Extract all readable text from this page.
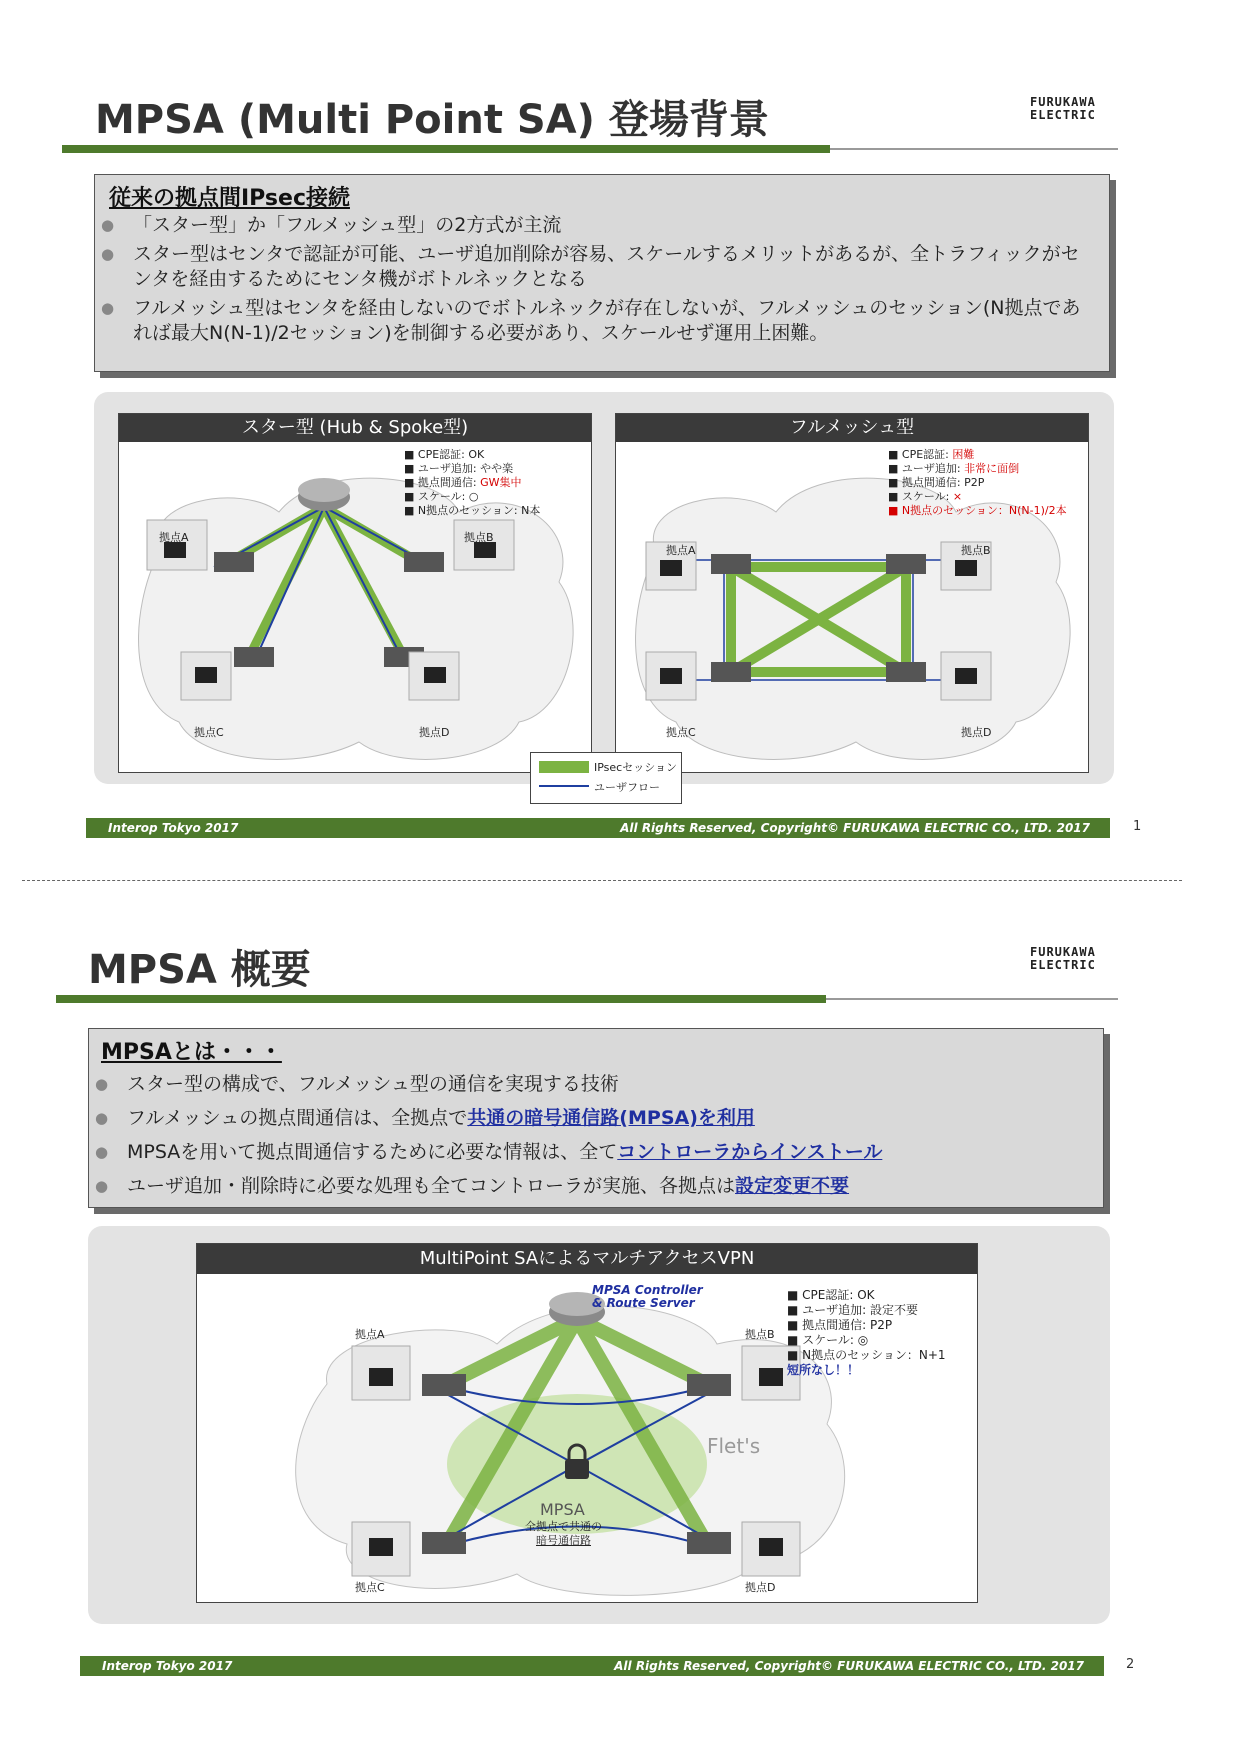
MPSA (Multi Point SA) 登場背景	FURUKAWA
ELECTRIC
従来の拠点間IPsec接続
● 「スター型」か「フルメッシュ型」の2方式が主流
● スター型はセンタで認証が可能、ユーザ追加削除が容易、スケールするメリットがあるが、全トラフィックがセンタを経由するためにセンタ機がボトルネックとなる
● フルメッシュ型はセンタを経由しないのでボトルネックが存在しないが、フルメッシュのセッション(N拠点であれば最大N(N-1)/2セッション)を制御する必要があり、スケールせず運用上困難。
スター型 (Hub & Spoke型)
■ CPE認証: OK
■ ユーザ追加: やや楽
■ 拠点間通信: GW集中
■ スケール: ○
■ N拠点のセッション: N本
拠点A	拠点B
拠点C	拠点D
フルメッシュ型
■ CPE認証: 困難
■ ユーザ追加: 非常に面倒
■ 拠点間通信: P2P
■ スケール: ×
■ N拠点のセッション：N(N-1)/2本
拠点A	拠点B
拠点C	拠点D
IPsecセッション
ユーザフロー
Interop Tokyo 2017	All Rights Reserved, Copyright© FURUKAWA ELECTRIC CO., LTD. 2017	1
MPSA 概要	FURUKAWA
ELECTRIC
MPSAとは・・・
● スター型の構成で、フルメッシュ型の通信を実現する技術
● フルメッシュの拠点間通信は、全拠点で共通の暗号通信路(MPSA)を利用
● MPSAを用いて拠点間通信するために必要な情報は、全てコントローラからインストール
● ユーザ追加・削除時に必要な処理も全てコントローラが実施、各拠点は設定変更不要
MultiPoint SAによるマルチアクセスVPN
MPSA Controller
& Route Server
■ CPE認証: OK
■ ユーザ追加: 設定不要
■ 拠点間通信: P2P
■ スケール: ◎
■ N拠点のセッション：N+1
短所なし！！
Flet's
MPSA
全拠点で共通の
暗号通信路
拠点A	拠点B
拠点C	拠点D
Interop Tokyo 2017	All Rights Reserved, Copyright© FURUKAWA ELECTRIC CO., LTD. 2017	2
